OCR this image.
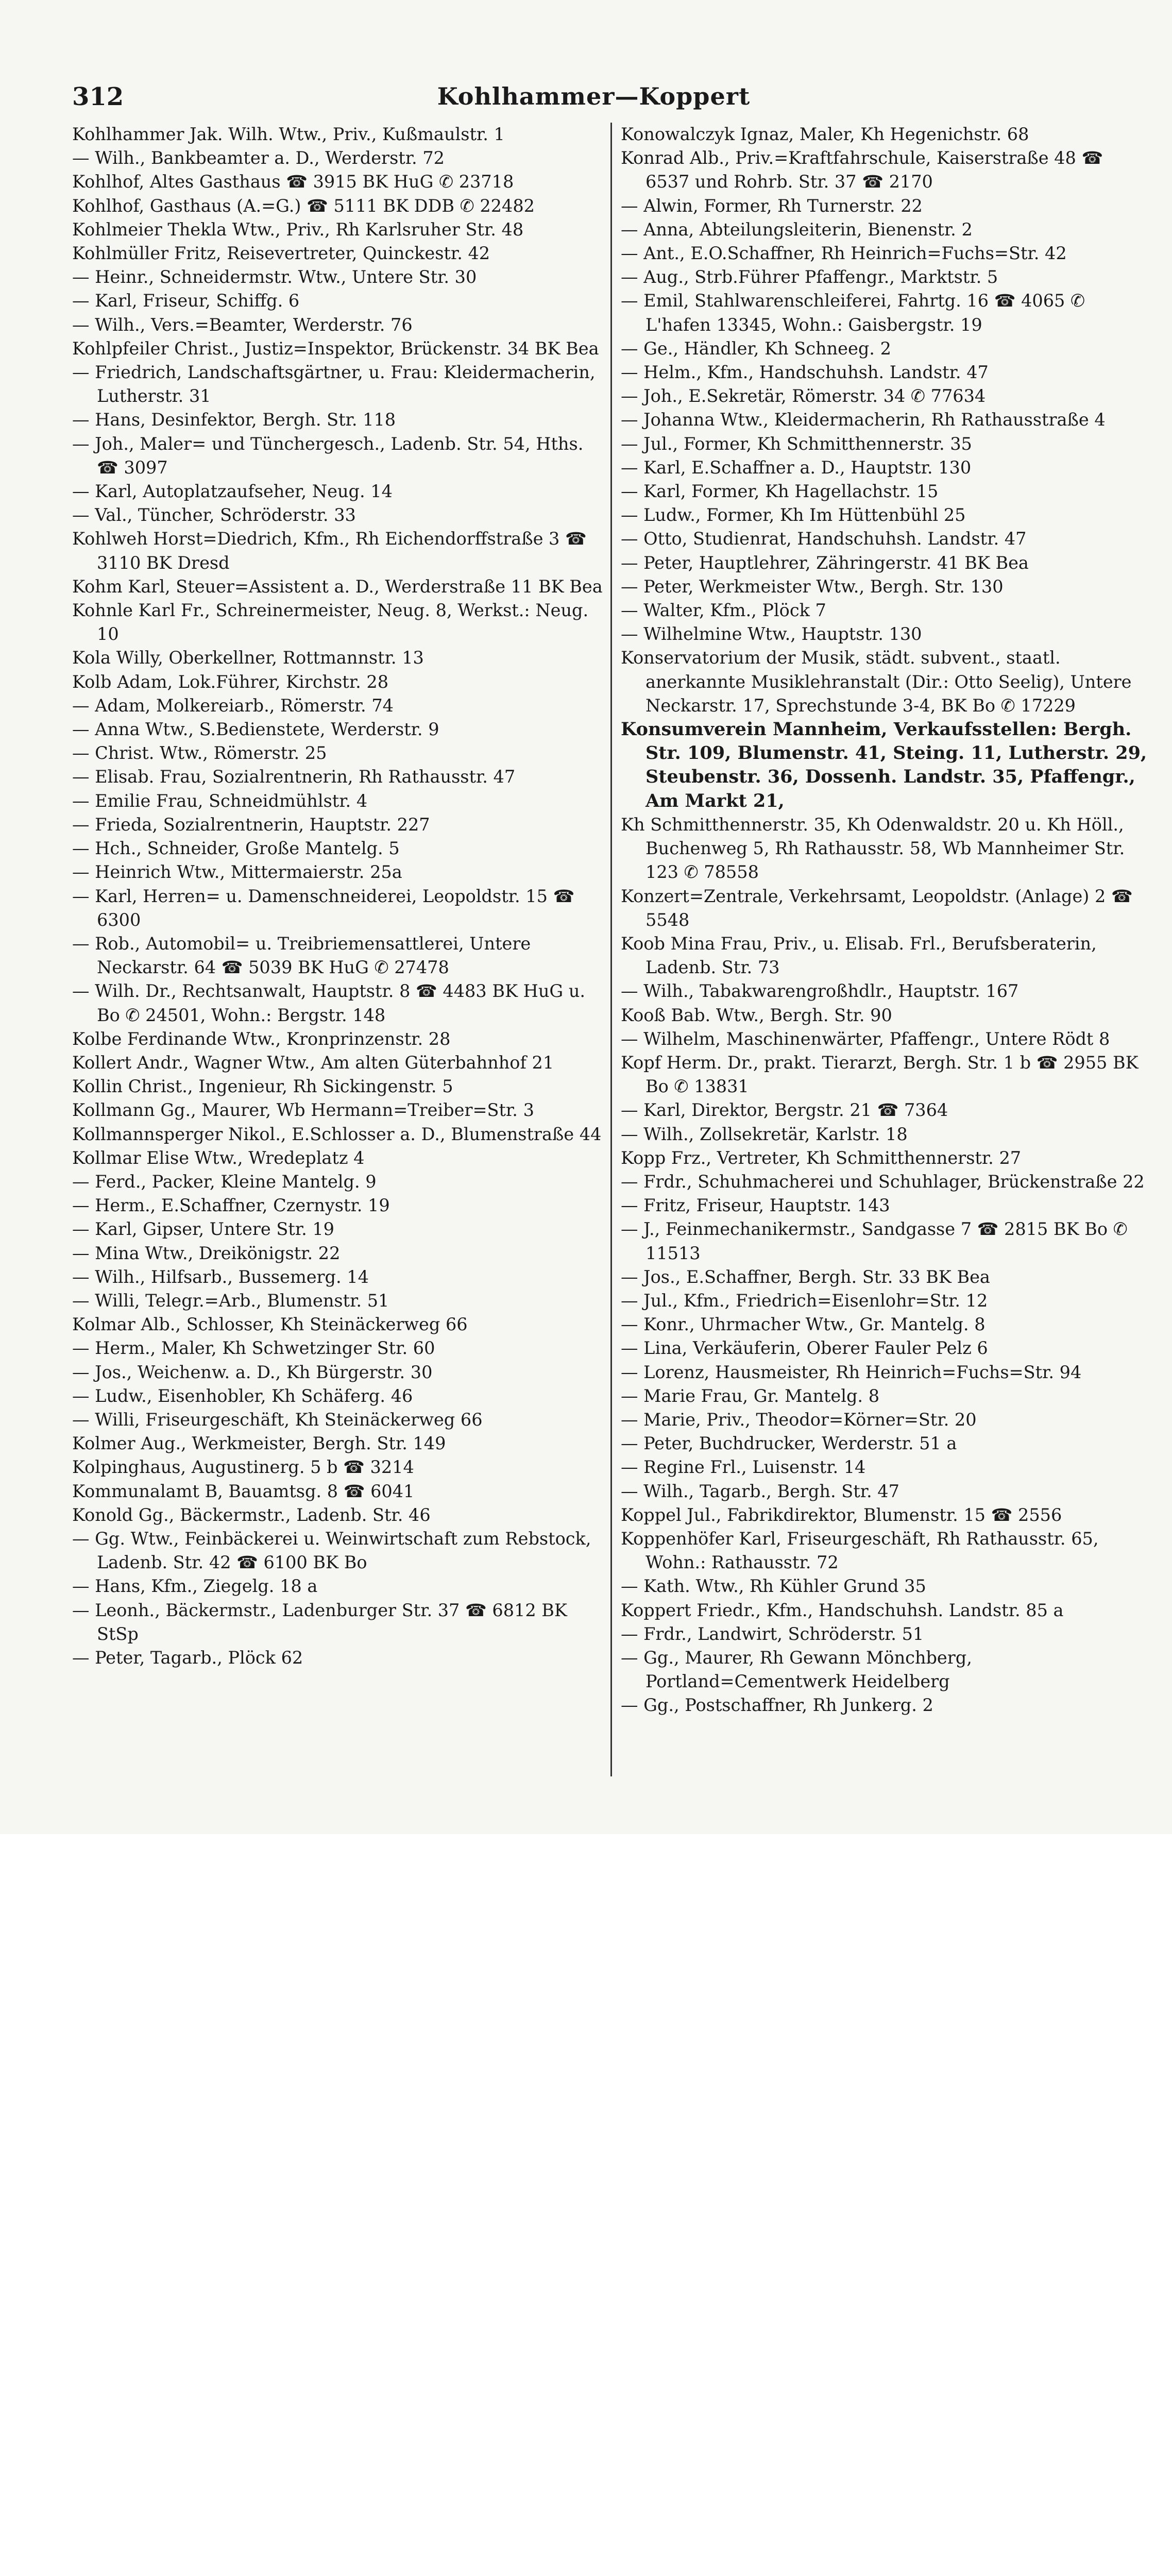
312	Kohlhammer—Koppert

Kohlhammer Jak. Wilh. Wtw., Priv., Kußmaulstr. 1

— Wilh., Bankbeamter a. D., Werderstr. 72

Kohlhof, Altes Gasthaus ☎ 3915 BK HuG ✆ 23718

Kohlhof, Gasthaus (A.=G.) ☎ 5111 BK DDB ✆ 22482

Kohlmeier Thekla Wtw., Priv., Rh Karlsruher Str. 48

Kohlmüller Fritz, Reisevertreter, Quinckestr. 42

— Heinr., Schneidermstr. Wtw., Untere Str. 30

— Karl, Friseur, Schiffg. 6

— Wilh., Vers.=Beamter, Werderstr. 76

Kohlpfeiler Christ., Justiz=Inspektor, Brückenstr. 34 BK Bea

— Friedrich, Landschaftsgärtner, u. Frau: Kleidermacherin, Lutherstr. 31

— Hans, Desinfektor, Bergh. Str. 118

— Joh., Maler= und Tünchergesch., Ladenb. Str. 54, Hths. ☎ 3097

— Karl, Autoplatzaufseher, Neug. 14

— Val., Tüncher, Schröderstr. 33

Kohlweh Horst=Diedrich, Kfm., Rh Eichendorffstraße 3 ☎ 3110 BK Dresd

Kohm Karl, Steuer=Assistent a. D., Werderstraße 11 BK Bea

Kohnle Karl Fr., Schreinermeister, Neug. 8, Werkst.: Neug. 10

Kola Willy, Oberkellner, Rottmannstr. 13

Kolb Adam, Lok.Führer, Kirchstr. 28

— Adam, Molkereiarb., Römerstr. 74

— Anna Wtw., S.Bedienstete, Werderstr. 9

— Christ. Wtw., Römerstr. 25

— Elisab. Frau, Sozialrentnerin, Rh Rathausstr. 47

— Emilie Frau, Schneidmühlstr. 4

— Frieda, Sozialrentnerin, Hauptstr. 227

— Hch., Schneider, Große Mantelg. 5

— Heinrich Wtw., Mittermaierstr. 25a

— Karl, Herren= u. Damenschneiderei, Leopoldstr. 15 ☎ 6300

— Rob., Automobil= u. Treibriemensattlerei, Untere Neckarstr. 64 ☎ 5039 BK HuG ✆ 27478

— Wilh. Dr., Rechtsanwalt, Hauptstr. 8 ☎ 4483 BK HuG u. Bo ✆ 24501, Wohn.: Bergstr. 148

Kolbe Ferdinande Wtw., Kronprinzenstr. 28

Kollert Andr., Wagner Wtw., Am alten Güterbahnhof 21

Kollin Christ., Ingenieur, Rh Sickingenstr. 5

Kollmann Gg., Maurer, Wb Hermann=Treiber=Str. 3

Kollmannsperger Nikol., E.Schlosser a. D., Blumenstraße 44

Kollmar Elise Wtw., Wredeplatz 4

— Ferd., Packer, Kleine Mantelg. 9

— Herm., E.Schaffner, Czernystr. 19

— Karl, Gipser, Untere Str. 19

— Mina Wtw., Dreikönigstr. 22

— Wilh., Hilfsarb., Bussemerg. 14

— Willi, Telegr.=Arb., Blumenstr. 51

Kolmar Alb., Schlosser, Kh Steinäckerweg 66

— Herm., Maler, Kh Schwetzinger Str. 60

— Jos., Weichenw. a. D., Kh Bürgerstr. 30

— Ludw., Eisenhobler, Kh Schäferg. 46

— Willi, Friseurgeschäft, Kh Steinäckerweg 66

Kolmer Aug., Werkmeister, Bergh. Str. 149

Kolpinghaus, Augustinerg. 5 b ☎ 3214

Kommunalamt B, Bauamtsg. 8 ☎ 6041

Konold Gg., Bäckermstr., Ladenb. Str. 46

— Gg. Wtw., Feinbäckerei u. Weinwirtschaft zum Rebstock, Ladenb. Str. 42 ☎ 6100 BK Bo

— Hans, Kfm., Ziegelg. 18 a

— Leonh., Bäckermstr., Ladenburger Str. 37 ☎ 6812 BK StSp

— Peter, Tagarb., Plöck 62

Konowalczyk Ignaz, Maler, Kh Hegenichstr. 68

Konrad Alb., Priv.=Kraftfahrschule, Kaiserstraße 48 ☎ 6537 und Rohrb. Str. 37 ☎ 2170

— Alwin, Former, Rh Turnerstr. 22

— Anna, Abteilungsleiterin, Bienenstr. 2

— Ant., E.O.Schaffner, Rh Heinrich=Fuchs=Str. 42

— Aug., Strb.Führer Pfaffengr., Marktstr. 5

— Emil, Stahlwarenschleiferei, Fahrtg. 16 ☎ 4065 ✆ L'hafen 13345, Wohn.: Gaisbergstr. 19

— Ge., Händler, Kh Schneeg. 2

— Helm., Kfm., Handschuhsh. Landstr. 47

— Joh., E.Sekretär, Römerstr. 34 ✆ 77634

— Johanna Wtw., Kleidermacherin, Rh Rathausstraße 4

— Jul., Former, Kh Schmitthennerstr. 35

— Karl, E.Schaffner a. D., Hauptstr. 130

— Karl, Former, Kh Hagellachstr. 15

— Ludw., Former, Kh Im Hüttenbühl 25

— Otto, Studienrat, Handschuhsh. Landstr. 47

— Peter, Hauptlehrer, Zähringerstr. 41 BK Bea

— Peter, Werkmeister Wtw., Bergh. Str. 130

— Walter, Kfm., Plöck 7

— Wilhelmine Wtw., Hauptstr. 130

Konservatorium der Musik, städt. subvent., staatl. anerkannte Musiklehranstalt (Dir.: Otto Seelig), Untere Neckarstr. 17, Sprechstunde 3-4, BK Bo ✆ 17229

Konsumverein Mannheim, Verkaufsstellen: Bergh. Str. 109, Blumenstr. 41, Steing. 11, Lutherstr. 29, Steubenstr. 36, Dossenh. Landstr. 35, Pfaffengr., Am Markt 21,

Kh Schmitthennerstr. 35, Kh Odenwaldstr. 20 u. Kh Höll., Buchenweg 5, Rh Rathausstr. 58, Wb Mannheimer Str. 123 ✆ 78558

Konzert=Zentrale, Verkehrsamt, Leopoldstr. (Anlage) 2 ☎ 5548

Koob Mina Frau, Priv., u. Elisab. Frl., Berufsberaterin, Ladenb. Str. 73

— Wilh., Tabakwarengroßhdlr., Hauptstr. 167

Kooß Bab. Wtw., Bergh. Str. 90

— Wilhelm, Maschinenwärter, Pfaffengr., Untere Rödt 8

Kopf Herm. Dr., prakt. Tierarzt, Bergh. Str. 1 b ☎ 2955 BK Bo ✆ 13831

— Karl, Direktor, Bergstr. 21 ☎ 7364

— Wilh., Zollsekretär, Karlstr. 18

Kopp Frz., Vertreter, Kh Schmitthennerstr. 27

— Frdr., Schuhmacherei und Schuhlager, Brückenstraße 22

— Fritz, Friseur, Hauptstr. 143

— J., Feinmechanikermstr., Sandgasse 7 ☎ 2815 BK Bo ✆ 11513

— Jos., E.Schaffner, Bergh. Str. 33 BK Bea

— Jul., Kfm., Friedrich=Eisenlohr=Str. 12

— Konr., Uhrmacher Wtw., Gr. Mantelg. 8

— Lina, Verkäuferin, Oberer Fauler Pelz 6

— Lorenz, Hausmeister, Rh Heinrich=Fuchs=Str. 94

— Marie Frau, Gr. Mantelg. 8

— Marie, Priv., Theodor=Körner=Str. 20

— Peter, Buchdrucker, Werderstr. 51 a

— Regine Frl., Luisenstr. 14

— Wilh., Tagarb., Bergh. Str. 47

Koppel Jul., Fabrikdirektor, Blumenstr. 15 ☎ 2556

Koppenhöfer Karl, Friseurgeschäft, Rh Rathausstr. 65, Wohn.: Rathausstr. 72

— Kath. Wtw., Rh Kühler Grund 35

Koppert Friedr., Kfm., Handschuhsh. Landstr. 85 a

— Frdr., Landwirt, Schröderstr. 51

— Gg., Maurer, Rh Gewann Mönchberg, Portland=Cementwerk Heidelberg

— Gg., Postschaffner, Rh Junkerg. 2
